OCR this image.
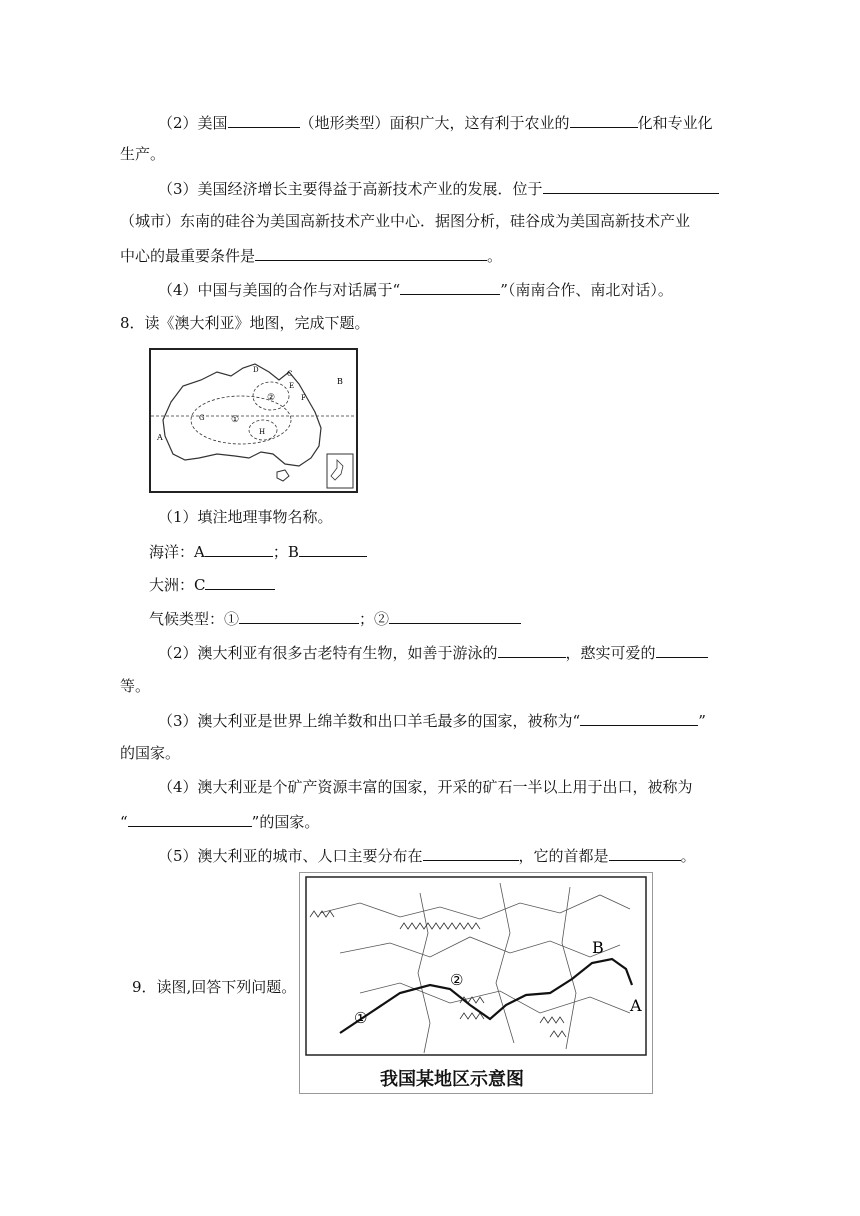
（2）美国	（地形类型）面积广大，这有利于农业的	化和专业化
生产。
（3）美国经济增长主要得益于高新技术产业的发展．位于
（城市）东南的硅谷为美国高新技术产业中心．据图分析，硅谷成为美国高新技术产业
中心的最重要条件是	。
（4）中国与美国的合作与对话属于“	”（南南合作、南北对话）。
8．读《澳大利亚》地图，完成下题。
A
B
C
D
E
F
G
H
①
②
（1）填注地理事物名称。
海洋：A	；B
大洲：C
气候类型：①	；②
（2）澳大利亚有很多古老特有生物，如善于游泳的	，憨实可爱的
等。
（3）澳大利亚是世界上绵羊数和出口羊毛最多的国家，被称为“	”
的国家。
（4）澳大利亚是个矿产资源丰富的国家，开采的矿石一半以上用于出口，被称为
“	”的国家。
（5）澳大利亚的城市、人口主要分布在	，它的首都是	。
9．读图,回答下列问题。
B
A
①
②
我国某地区示意图
